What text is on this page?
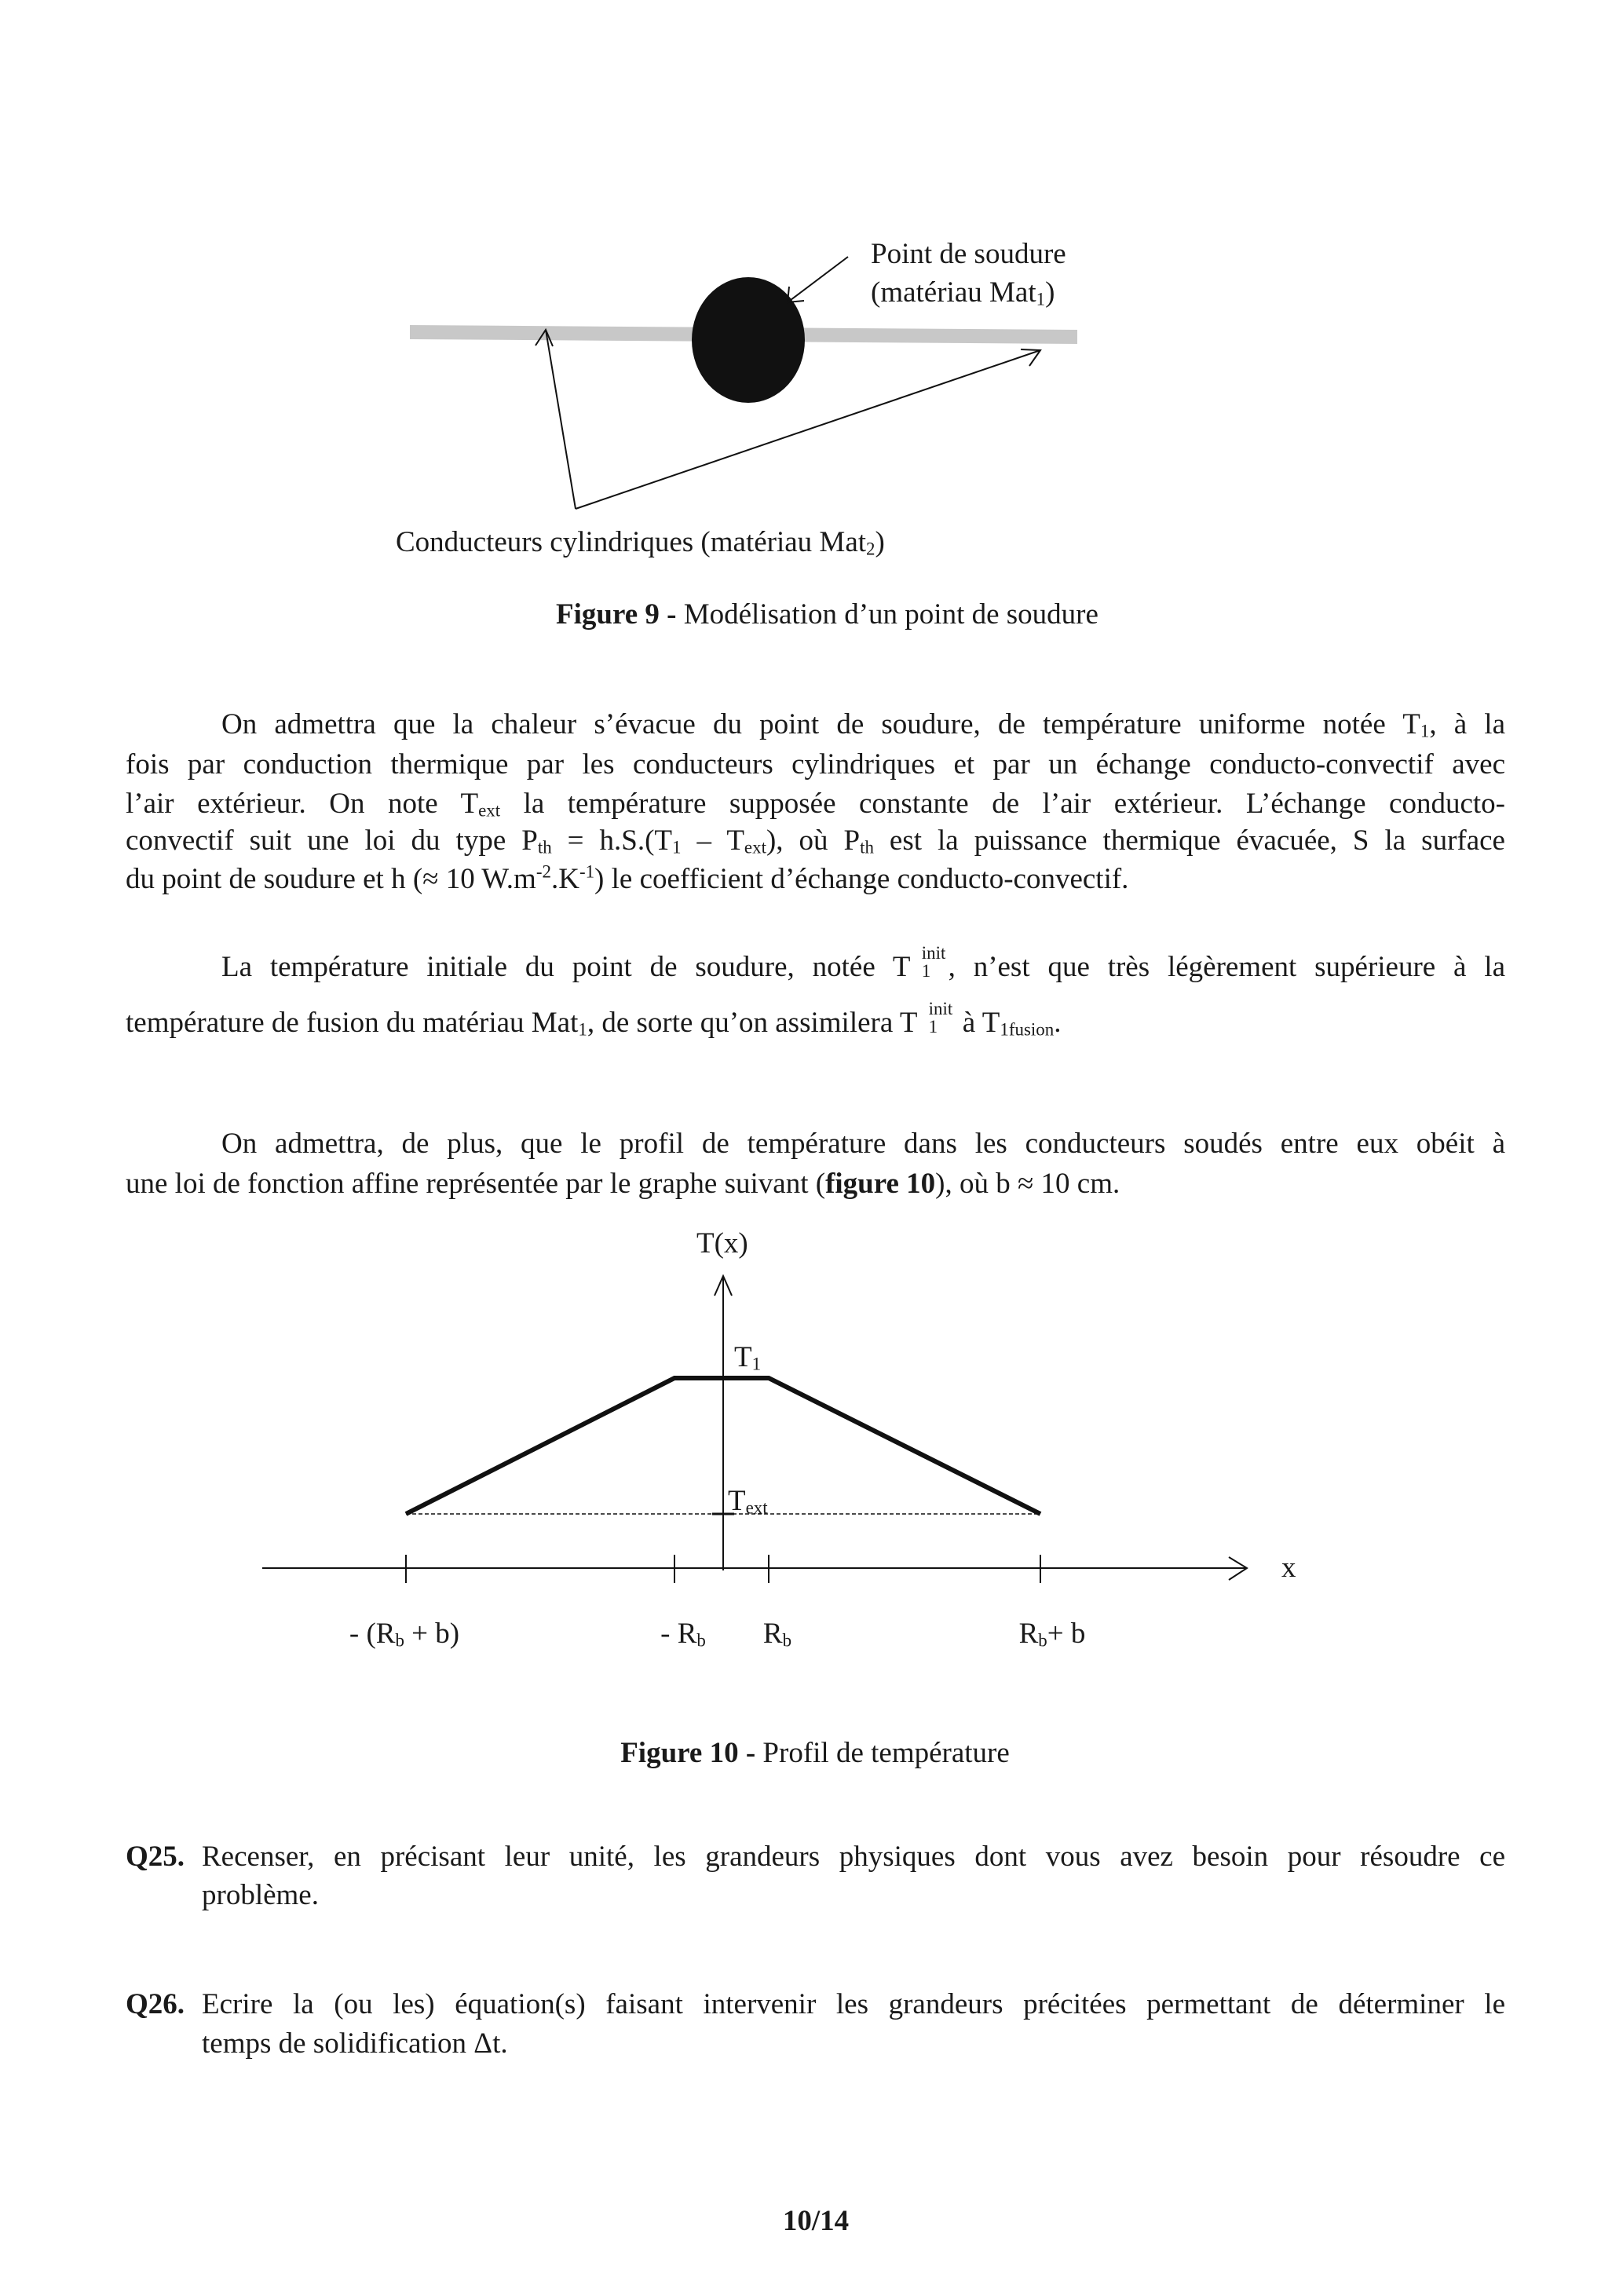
Point de soudure
(matériau Mat$_1$)
Conducteurs cylindriques (matériau Mat$_2$)
Figure 9 - Modélisation d’un point de soudure
On admettra que la chaleur s’évacue du point de soudure, de température uniforme notée $T_1$, à la
fois par conduction thermique par les conducteurs cylindriques et par un échange conducto-convectif avec
l’air extérieur. On note $T_{ext}$ la température supposée constante de l’air extérieur. L’échange conducto-
convectif suit une loi du type $P_{th} = h.S.(T_1 - T_{ext})$, où $P_{th}$ est la puissance thermique évacuée, S la surface
du point de soudure et h (≈ 10 $W.m^{-2}.K^{-1}$) le coefficient d’échange conducto-convectif.
La température initiale du point de soudure, notée T init
1 , n’est que très légèrement supérieure à la
température de fusion du matériau Mat$_1$, de sorte qu’on assimilera T init
1 à $T_{1fusion}$.
On admettra, de plus, que le profil de température dans les conducteurs soudés entre eux obéit à
une loi de fonction affine représentée par le graphe suivant (figure 10), où b ≈ 10 cm.
T(x)
x
$T_1$
$T_{ext}$
- $(R_b + b)$	- $R_b$ $R_b$	$R_b+ b$
Figure 10 - Profil de température
Q25. Recenser, en précisant leur unité, les grandeurs physiques dont vous avez besoin pour résoudre ce
problème.
Q26. Ecrire la (ou les) équation(s) faisant intervenir les grandeurs précitées permettant de déterminer le
temps de solidification Δt.
10/14
